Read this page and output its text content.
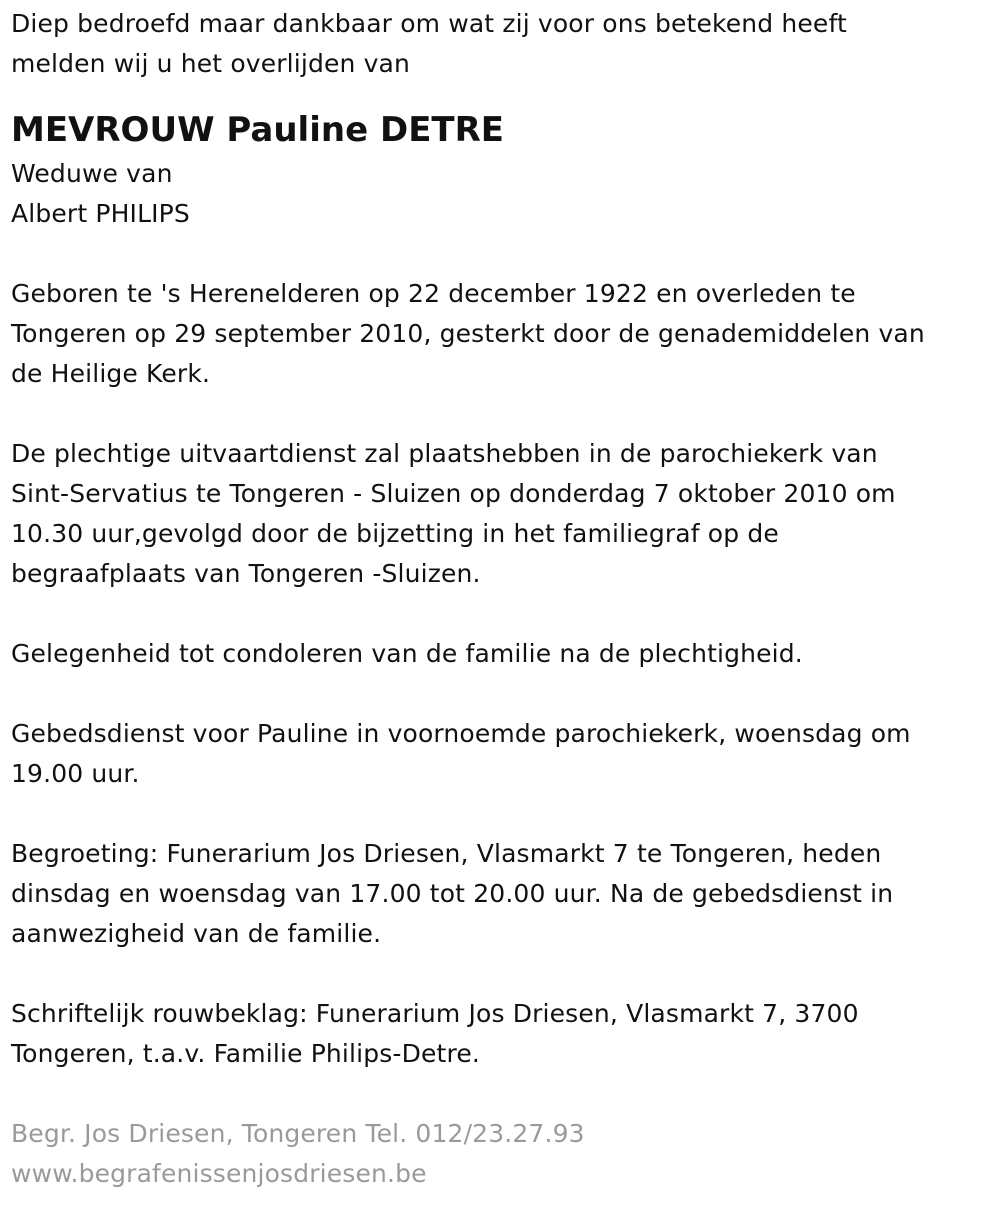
Diep bedroefd maar dankbaar om wat zij voor ons betekend heeft
melden wij u het overlijden van
MEVROUW Pauline DETRE
Weduwe van
Albert PHILIPS
Geboren te 's Herenelderen op 22 december 1922 en overleden te
Tongeren op 29 september 2010, gesterkt door de genademiddelen van
de Heilige Kerk.
De plechtige uitvaartdienst zal plaatshebben in de parochiekerk van
Sint-Servatius te Tongeren - Sluizen op donderdag 7 oktober 2010 om
10.30 uur,gevolgd door de bijzetting in het familiegraf op de
begraafplaats van Tongeren -Sluizen.
Gelegenheid tot condoleren van de familie na de plechtigheid.
Gebedsdienst voor Pauline in voornoemde parochiekerk, woensdag om
19.00 uur.
Begroeting: Funerarium Jos Driesen, Vlasmarkt 7 te Tongeren, heden
dinsdag en woensdag van 17.00 tot 20.00 uur. Na de gebedsdienst in
aanwezigheid van de familie.
Schriftelijk rouwbeklag: Funerarium Jos Driesen, Vlasmarkt 7, 3700
Tongeren, t.a.v. Familie Philips-Detre.
Begr. Jos Driesen, Tongeren Tel. 012/23.27.93
www.begrafenissenjosdriesen.be
